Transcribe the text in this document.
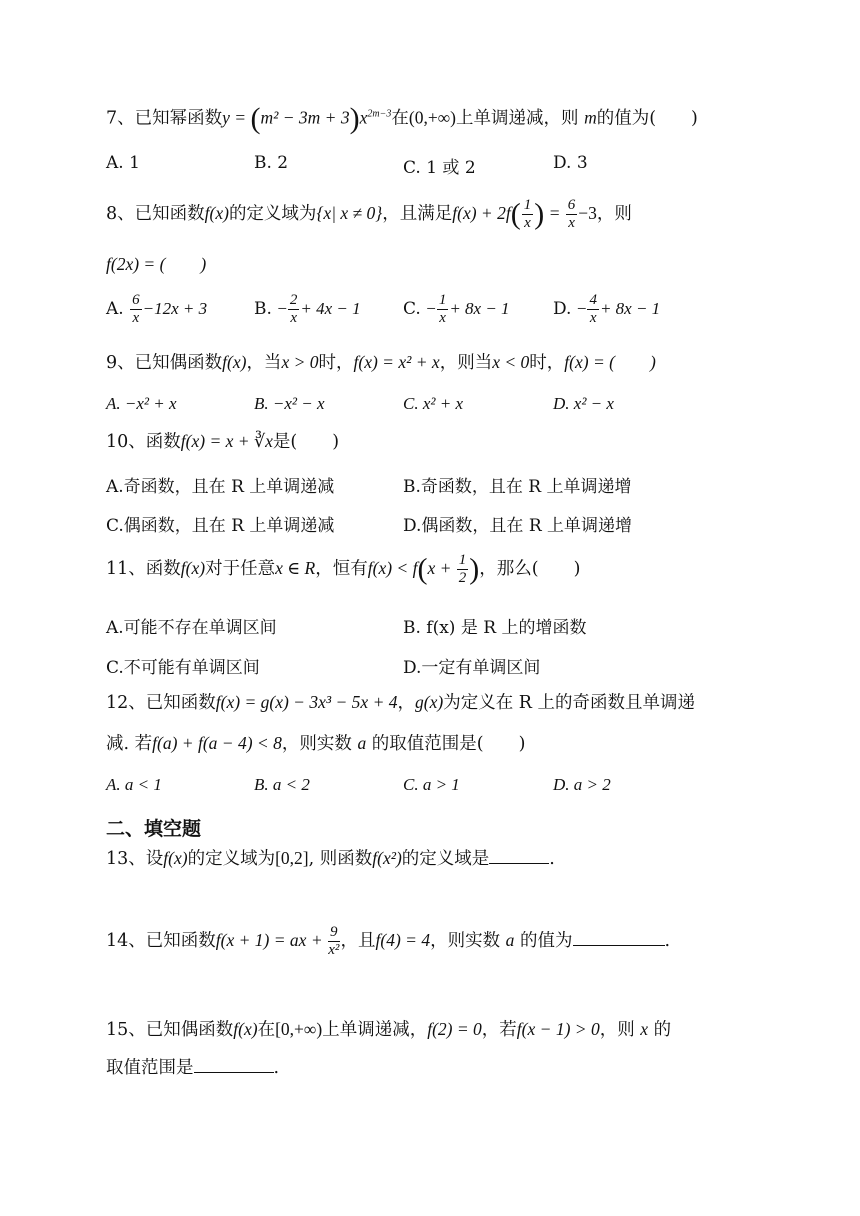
7、已知幂函数$y = (m^2 - 3m + 3)x^{2m-3}$在(0,+∞)上单调递减，则 m的值为(　　)
A. 1	B. 2	C. 1 或 2	D. 3
8、已知函数f(x)的定义域为{x| x ≠ 0}，且满足$f(x) + 2f( \frac{1}{x}$ ) = $\frac{6}{x} -3$，则
f(2x) = (　　)
A. $\frac{6}{x} -12x + 3$	B. − $\frac{2}{x} + 4x - 1$ C. − $\frac{1}{x} + 8x - 1$	D. − $\frac{4}{x} + 8x - 1$
9、已知偶函数f(x)，当x > 0时，f(x) = x² + x，则当x < 0时，f(x) = (　　)
A. −x² + x	B. −x² − x	C. x² + x	D. x² − x
10、函数f(x) = x + ∛x是(　　)
A.奇函数，且在 R 上单调递减	B.奇函数，且在 R 上单调递增
C.偶函数，且在 R 上单调递减	D.偶函数，且在 R 上单调递增
11、函数f(x)对于任意x ∈ R，恒有$f(x) < f(x + \frac{1}{2}$ )，那么(　　)
A.可能不存在单调区间	B. f(x) 是 R 上的增函数
C.不可能有单调区间	D.一定有单调区间
12、已知函数f(x) = g(x) − 3x³ − 5x + 4，g(x)为定义在 R 上的奇函数且单调递
减. 若f(a) + f(a − 4) < 8，则实数 a 的取值范围是(　　)
A. a < 1	B. a < 2	C. a > 1	D. a > 2
二、填空题
13、设f(x)的定义域为[0,2], 则函数f(x²)的定义域是	.
14、已知函数f(x + 1) = ax + $\frac{9}{\text{x²}}$ ，且f(4) = 4，则实数 a 的值为	.
15、已知偶函数f(x)在[0,+∞)上单调递减，f(2) = 0，若f(x − 1) > 0，则 x 的
取值范围是	.
